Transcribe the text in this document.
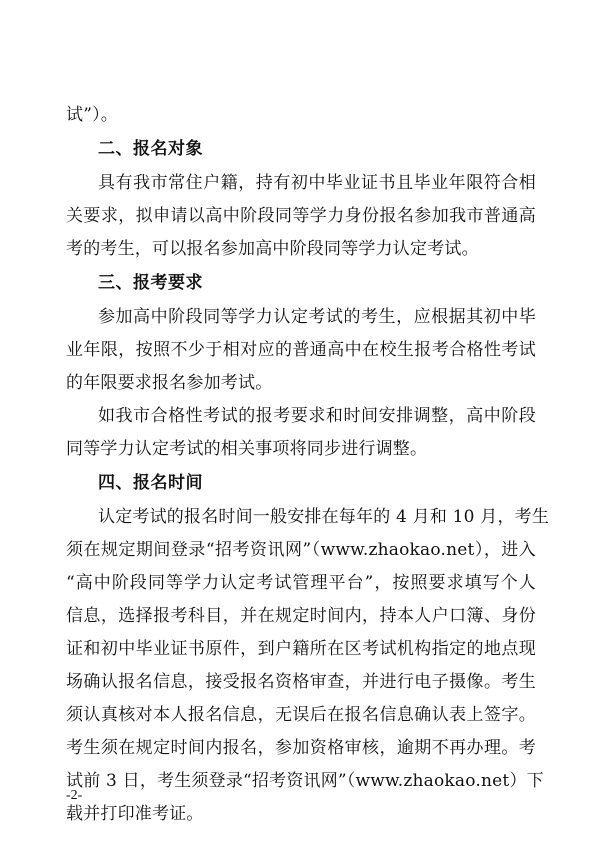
试”）。
二、报名对象
具有我市常住户籍，持有初中毕业证书且毕业年限符合相
关要求，拟申请以高中阶段同等学力身份报名参加我市普通高
考的考生，可以报名参加高中阶段同等学力认定考试。
三、报考要求
参加高中阶段同等学力认定考试的考生，应根据其初中毕
业年限，按照不少于相对应的普通高中在校生报考合格性考试
的年限要求报名参加考试。
如我市合格性考试的报考要求和时间安排调整，高中阶段
同等学力认定考试的相关事项将同步进行调整。
四、报名时间
认定考试的报名时间一般安排在每年的 4 月和 10 月，考生
须在规定期间登录“招考资讯网”（www.zhaokao.net），进入
“高中阶段同等学力认定考试管理平台”，按照要求填写个人
信息，选择报考科目，并在规定时间内，持本人户口簿、身份
证和初中毕业证书原件，到户籍所在区考试机构指定的地点现
场确认报名信息，接受报名资格审查，并进行电子摄像。考生
须认真核对本人报名信息，无误后在报名信息确认表上签字。
考生须在规定时间内报名，参加资格审核，逾期不再办理。考
试前 3 日，考生须登录“招考资讯网”（www.zhaokao.net）下
载并打印准考证。
-2-
